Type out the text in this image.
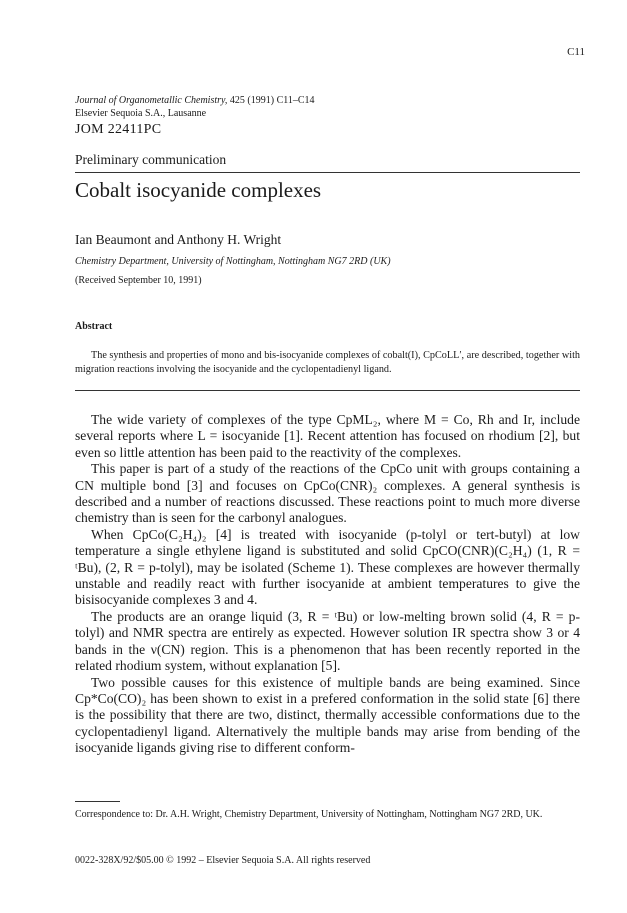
C11
Journal of Organometallic Chemistry, 425 (1991) C11–C14
Elsevier Sequoia S.A., Lausanne
JOM 22411PC
Preliminary communication
Cobalt isocyanide complexes
Ian Beaumont and Anthony H. Wright
Chemistry Department, University of Nottingham, Nottingham NG7 2RD (UK)
(Received September 10, 1991)
Abstract
The synthesis and properties of mono and bis-isocyanide complexes of cobalt(I), CpCoLL′, are described, together with migration reactions involving the isocyanide and the cyclopentadienyl ligand.

The wide variety of complexes of the type CpML₂, where M = Co, Rh and Ir, include several reports where L = isocyanide [1]. Recent attention has focused on rhodium [2], but even so little attention has been paid to the reactivity of the complexes.

This paper is part of a study of the reactions of the CpCo unit with groups containing a CN multiple bond [3] and focuses on CpCo(CNR)₂ complexes. A general synthesis is described and a number of reactions discussed. These reactions point to much more diverse chemistry than is seen for the carbonyl analogues.

When CpCo(C₂H₄)₂ [4] is treated with isocyanide (p-tolyl or tert-butyl) at low temperature a single ethylene ligand is substituted and solid CpCO(CNR)(C₂H₄) (1, R = ᵗBu), (2, R = p-tolyl), may be isolated (Scheme 1). These complexes are however thermally unstable and readily react with further isocyanide at ambient temperatures to give the bisisocyanide complexes 3 and 4.

The products are an orange liquid (3, R = ᵗBu) or low-melting brown solid (4, R = p-tolyl) and NMR spectra are entirely as expected. However solution IR spectra show 3 or 4 bands in the ν(CN) region. This is a phenomenon that has been recently reported in the related rhodium system, without explanation [5].

Two possible causes for this existence of multiple bands are being examined. Since Cp*Co(CO)₂ has been shown to exist in a prefered conformation in the solid state [6] there is the possibility that there are two, distinct, thermally accessible conformations due to the cyclopentadienyl ligand. Alternatively the multiple bands may arise from bending of the isocyanide ligands giving rise to different conform-

Correspondence to: Dr. A.H. Wright, Chemistry Department, University of Nottingham, Nottingham NG7 2RD, UK.
0022-328X/92/$05.00 © 1992 – Elsevier Sequoia S.A. All rights reserved
